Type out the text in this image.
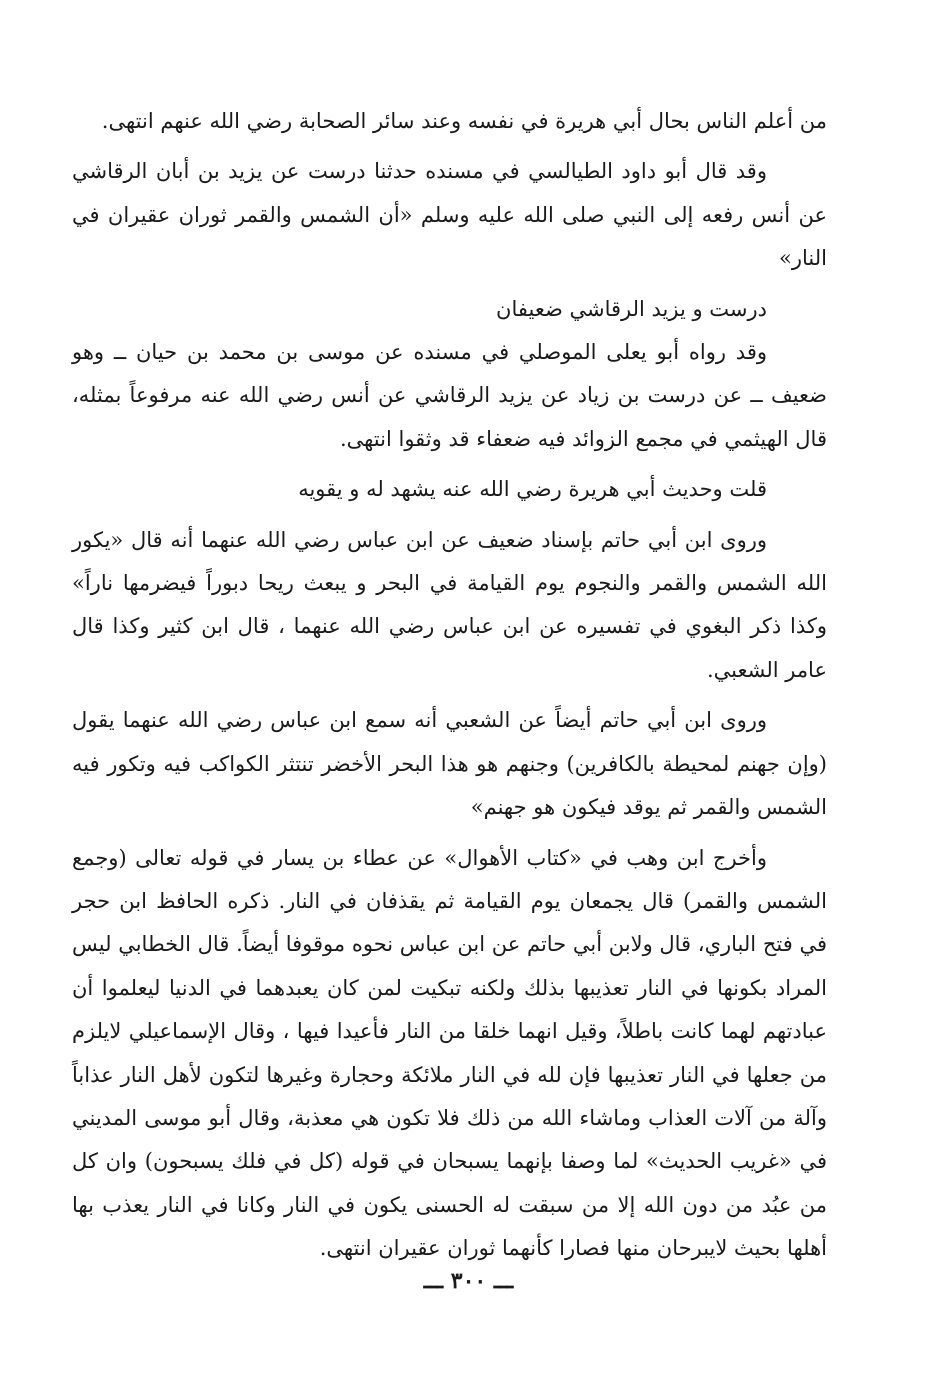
من أعلم الناس بحال أبي هريرة في نفسه وعند سائر الصحابة رضي الله عنهم انتهى.

وقد قال أبو داود الطيالسي في مسنده حدثنا درست عن يزيد بن أبان الرقاشي عن أنس رفعه إلى النبي صلى الله عليه وسلم «أن الشمس والقمر ثوران عقيران في النار»

درست و يزيد الرقاشي ضعيفان

وقد رواه أبو يعلى الموصلي في مسنده عن موسى بن محمد بن حيان ــ وهو ضعيف ــ عن درست بن زياد عن يزيد الرقاشي عن أنس رضي الله عنه مرفوعاً بمثله، قال الهيثمي في مجمع الزوائد فيه ضعفاء قد وثقوا انتهى.

قلت وحديث أبي هريرة رضي الله عنه يشهد له و يقويه

وروى ابن أبي حاتم بإسناد ضعيف عن ابن عباس رضي الله عنهما أنه قال «يكور الله الشمس والقمر والنجوم يوم القيامة في البحر و يبعث ريحا دبوراً فيضرمها ناراً» وكذا ذكر البغوي في تفسيره عن ابن عباس رضي الله عنهما ، قال ابن كثير وكذا قال عامر الشعبي.

وروى ابن أبي حاتم أيضاً عن الشعبي أنه سمع ابن عباس رضي الله عنهما يقول (وإن جهنم لمحيطة بالكافرين) وجنهم هو هذا البحر الأخضر تنتثر الكواكب فيه وتكور فيه الشمس والقمر ثم يوقد فيكون هو جهنم»

وأخرج ابن وهب في «كتاب الأهوال» عن عطاء بن يسار في قوله تعالى (وجمع الشمس والقمر) قال يجمعان يوم القيامة ثم يقذفان في النار. ذكره الحافظ ابن حجر في فتح الباري، قال ولابن أبي حاتم عن ابن عباس نحوه موقوفا أيضاً. قال الخطابي ليس المراد بكونها في النار تعذيبها بذلك ولكنه تبكيت لمن كان يعبدهما في الدنيا ليعلموا أن عبادتهم لهما كانت باطلاً، وقيل انهما خلقا من النار فأعيدا فيها ، وقال الإسماعيلي لايلزم من جعلها في النار تعذيبها فإن لله في النار ملائكة وحجارة وغيرها لتكون لأهل النار عذاباً وآلة من آلات العذاب وماشاء الله من ذلك فلا تكون هي معذبة، وقال أبو موسى المديني في «غريب الحديث» لما وصفا بإنهما يسبحان في قوله (كل في فلك يسبحون) وان كل من عبُد من دون الله إلا من سبقت له الحسنى يكون في النار وكانا في النار يعذب بها أهلها بحيث لايبرحان منها فصارا كأنهما ثوران عقيران انتهى.

ـــ ٣٠٠ ـــ
